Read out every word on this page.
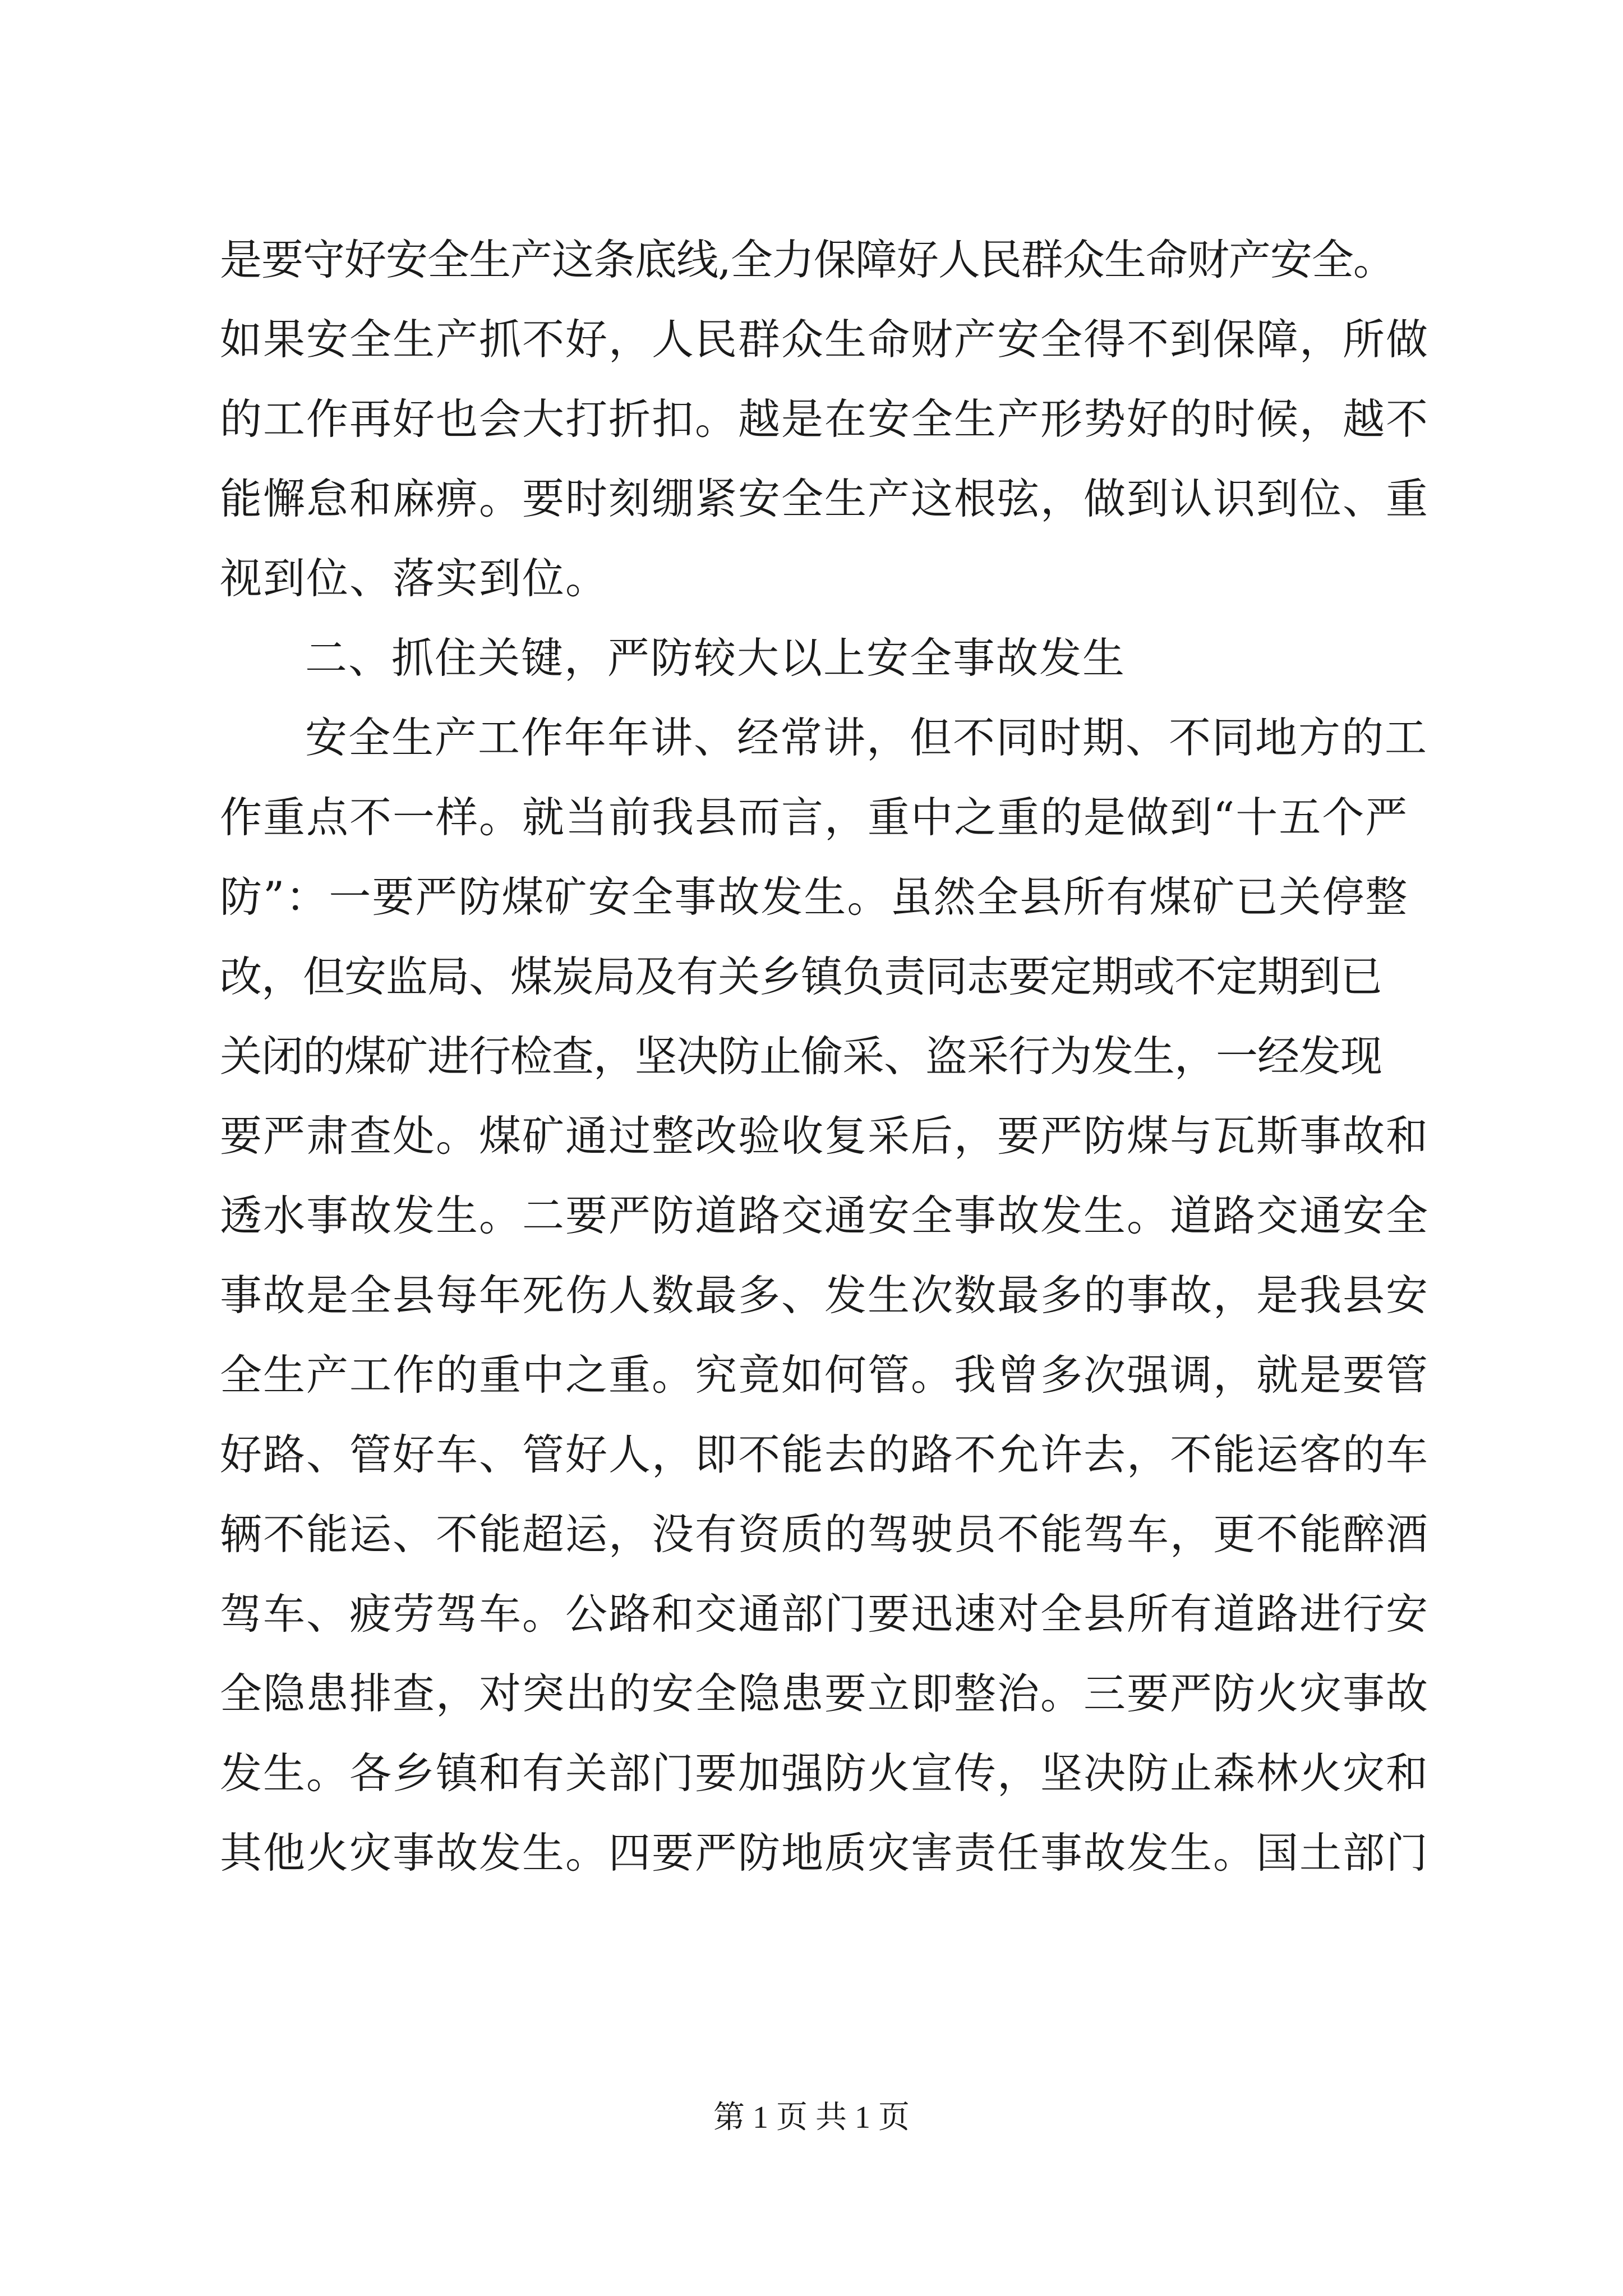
是要守好安全生产这条底线,全力保障好人民群众生命财产安全。
如果安全生产抓不好，人民群众生命财产安全得不到保障，所做
的工作再好也会大打折扣。越是在安全生产形势好的时候，越不
能懈怠和麻痹。要时刻绷紧安全生产这根弦，做到认识到位、重
视到位、落实到位。
二、抓住关键，严防较大以上安全事故发生
安全生产工作年年讲、经常讲，但不同时期、不同地方的工
作重点不一样。就当前我县而言，重中之重的是做到“十五个严
防”：一要严防煤矿安全事故发生。虽然全县所有煤矿已关停整
改，但安监局、煤炭局及有关乡镇负责同志要定期或不定期到已
关闭的煤矿进行检查，坚决防止偷采、盗采行为发生，一经发现
要严肃查处。煤矿通过整改验收复采后，要严防煤与瓦斯事故和
透水事故发生。二要严防道路交通安全事故发生。道路交通安全
事故是全县每年死伤人数最多、发生次数最多的事故，是我县安
全生产工作的重中之重。究竟如何管。我曾多次强调，就是要管
好路、管好车、管好人，即不能去的路不允许去，不能运客的车
辆不能运、不能超运，没有资质的驾驶员不能驾车，更不能醉酒
驾车、疲劳驾车。公路和交通部门要迅速对全县所有道路进行安
全隐患排查，对突出的安全隐患要立即整治。三要严防火灾事故
发生。各乡镇和有关部门要加强防火宣传，坚决防止森林火灾和
其他火灾事故发生。四要严防地质灾害责任事故发生。国土部门
第 1 页 共 1 页
